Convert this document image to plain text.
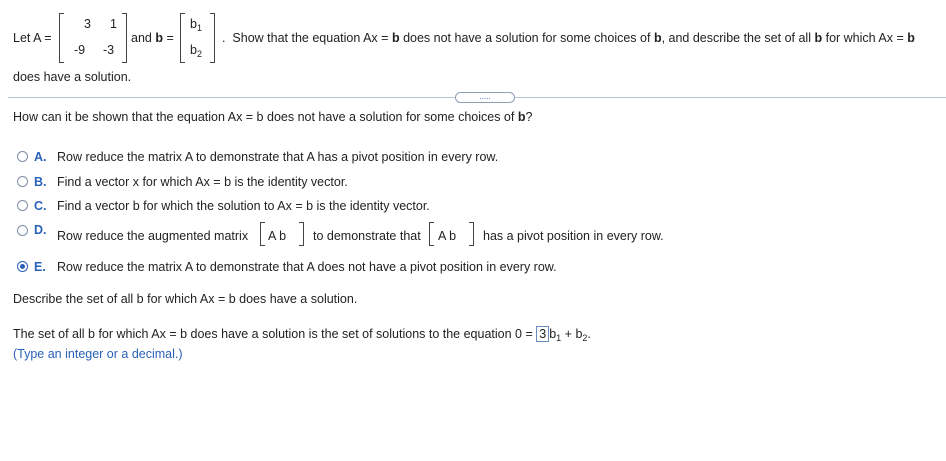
Let A =
3 1
-9 -3
and b =
$b_1$
$b_2$
.  Show that the equation Ax = b does not have a solution for some choices of b, and describe the set of all b for which Ax = b
does have a solution.
.....
How can it be shown that the equation Ax = b does not have a solution for some choices of b?
A. Row reduce the matrix A to demonstrate that A has a pivot position in every row.
B. Find a vector x for which Ax = b is the identity vector.
C. Find a vector b for which the solution to Ax = b is the identity vector.
D. Row reduce the augmented matrix A b to demonstrate that A b has a pivot position in every row.
E. Row reduce the matrix A to demonstrate that A does not have a pivot position in every row.
Describe the set of all b for which Ax = b does have a solution.
The set of all b for which Ax = b does have a solution is the set of solutions to the equation 0 = 3 $b_1 + b_2$.
(Type an integer or a decimal.)
